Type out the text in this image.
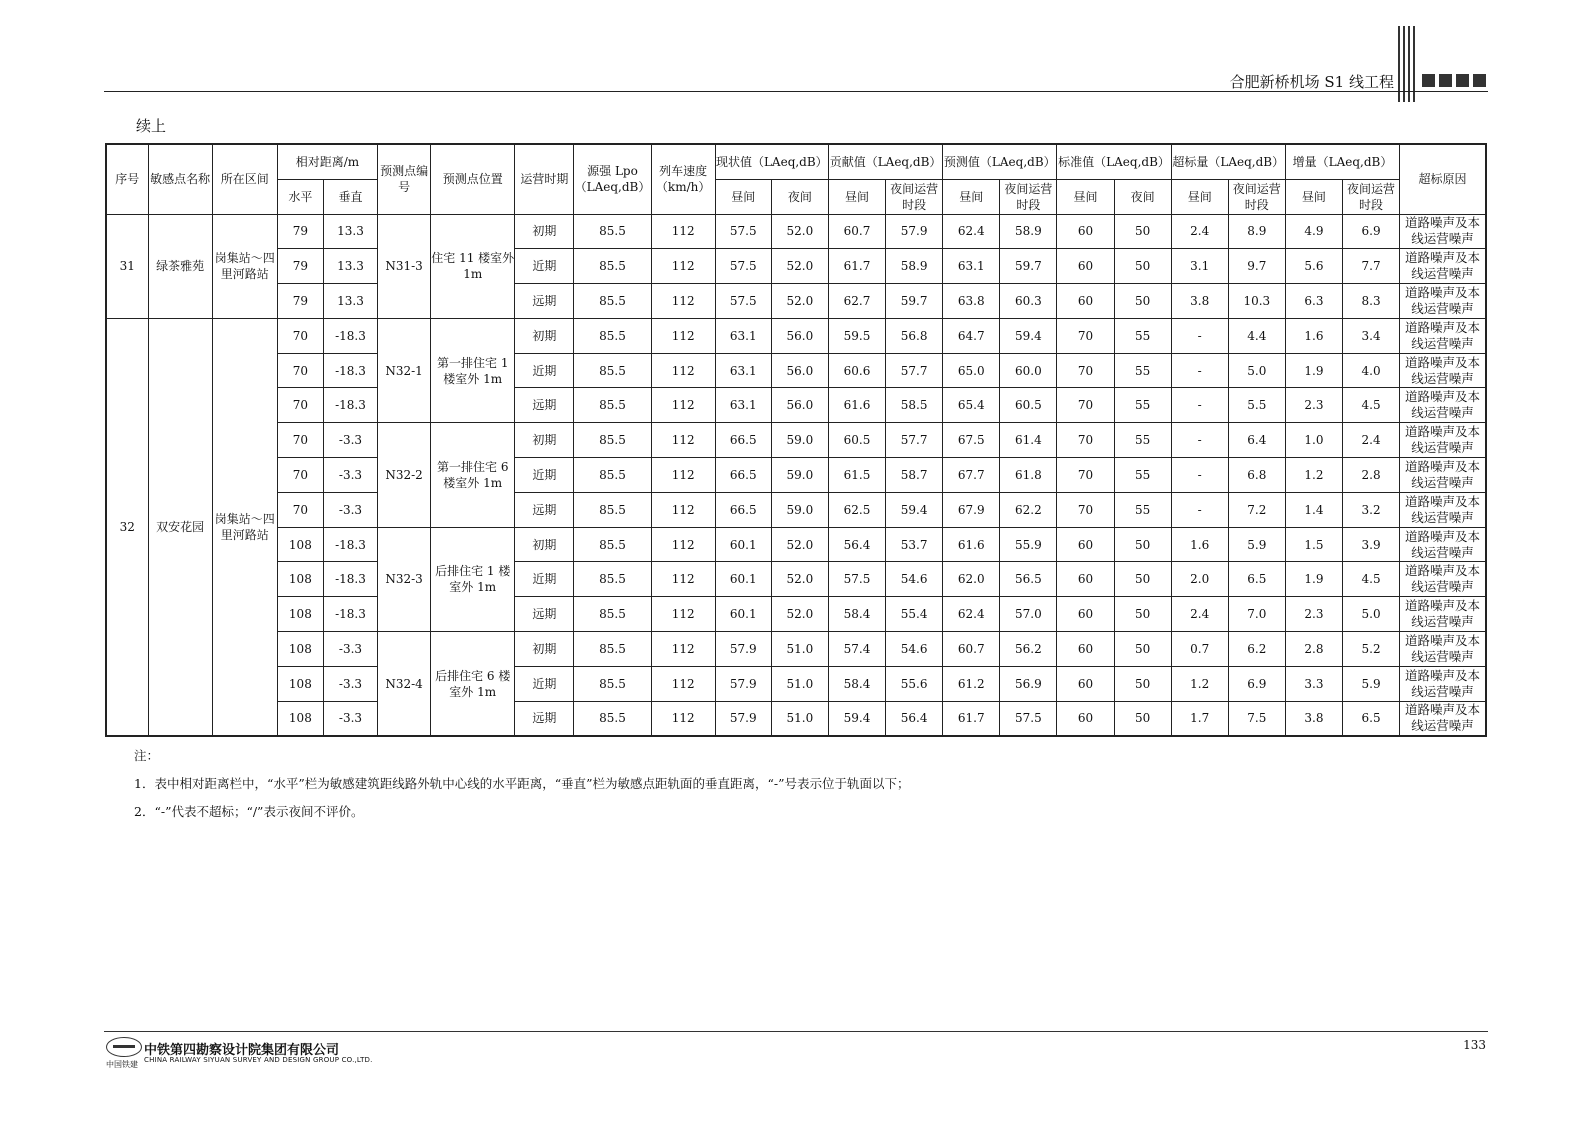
合肥新桥机场 S1 线工程
续上
序号	敏感点名称	所在区间	相对距离/m		预测点编号	预测点位置	运营时期	源强 Lpo（LAeq,dB）	列车速度（km/h）	现状值（LAeq,dB）		贡献值（LAeq,dB）		预测值（LAeq,dB）		标准值（LAeq,dB）		超标量（LAeq,dB）		增量（LAeq,dB）		超标原因
			水平	垂直						昼间	夜间	昼间	夜间运营时段	昼间	夜间运营时段	昼间	夜间	昼间	夜间运营时段	昼间	夜间运营时段	
31	绿茶雅苑	岗集站～四里河路站	79	13.3	N31-3	住宅 11 楼室外 1m	初期	85.5	112	57.5	52.0	60.7	57.9	62.4	58.9	60	50	2.4	8.9	4.9	6.9	道路噪声及本线运营噪声
			79	13.3			近期	85.5	112	57.5	52.0	61.7	58.9	63.1	59.7	60	50	3.1	9.7	5.6	7.7	道路噪声及本线运营噪声
			79	13.3			远期	85.5	112	57.5	52.0	62.7	59.7	63.8	60.3	60	50	3.8	10.3	6.3	8.3	道路噪声及本线运营噪声
32	双安花园	岗集站～四里河路站	70	-18.3	N32-1	第一排住宅 1 楼室外 1m	初期	85.5	112	63.1	56.0	59.5	56.8	64.7	59.4	70	55	-	4.4	1.6	3.4	道路噪声及本线运营噪声
			70	-18.3			近期	85.5	112	63.1	56.0	60.6	57.7	65.0	60.0	70	55	-	5.0	1.9	4.0	道路噪声及本线运营噪声
			70	-18.3			远期	85.5	112	63.1	56.0	61.6	58.5	65.4	60.5	70	55	-	5.5	2.3	4.5	道路噪声及本线运营噪声
			70	-3.3	N32-2	第一排住宅 6 楼室外 1m	初期	85.5	112	66.5	59.0	60.5	57.7	67.5	61.4	70	55	-	6.4	1.0	2.4	道路噪声及本线运营噪声
			70	-3.3			近期	85.5	112	66.5	59.0	61.5	58.7	67.7	61.8	70	55	-	6.8	1.2	2.8	道路噪声及本线运营噪声
			70	-3.3			远期	85.5	112	66.5	59.0	62.5	59.4	67.9	62.2	70	55	-	7.2	1.4	3.2	道路噪声及本线运营噪声
			108	-18.3	N32-3	后排住宅 1 楼室外 1m	初期	85.5	112	60.1	52.0	56.4	53.7	61.6	55.9	60	50	1.6	5.9	1.5	3.9	道路噪声及本线运营噪声
			108	-18.3			近期	85.5	112	60.1	52.0	57.5	54.6	62.0	56.5	60	50	2.0	6.5	1.9	4.5	道路噪声及本线运营噪声
			108	-18.3			远期	85.5	112	60.1	52.0	58.4	55.4	62.4	57.0	60	50	2.4	7.0	2.3	5.0	道路噪声及本线运营噪声
			108	-3.3	N32-4	后排住宅 6 楼室外 1m	初期	85.5	112	57.9	51.0	57.4	54.6	60.7	56.2	60	50	0.7	6.2	2.8	5.2	道路噪声及本线运营噪声
			108	-3.3			近期	85.5	112	57.9	51.0	58.4	55.6	61.2	56.9	60	50	1.2	6.9	3.3	5.9	道路噪声及本线运营噪声
			108	-3.3			远期	85.5	112	57.9	51.0	59.4	56.4	61.7	57.5	60	50	1.7	7.5	3.8	6.5	道路噪声及本线运营噪声
注：
1．表中相对距离栏中，“水平”栏为敏感建筑距线路外轨中心线的水平距离，“垂直”栏为敏感点距轨面的垂直距离，“-”号表示位于轨面以下；
2．“-”代表不超标；“/”表示夜间不评价。
中国铁建
中铁第四勘察设计院集团有限公司
CHINA RAILWAY SIYUAN SURVEY AND DESIGN GROUP CO.,LTD.
133
